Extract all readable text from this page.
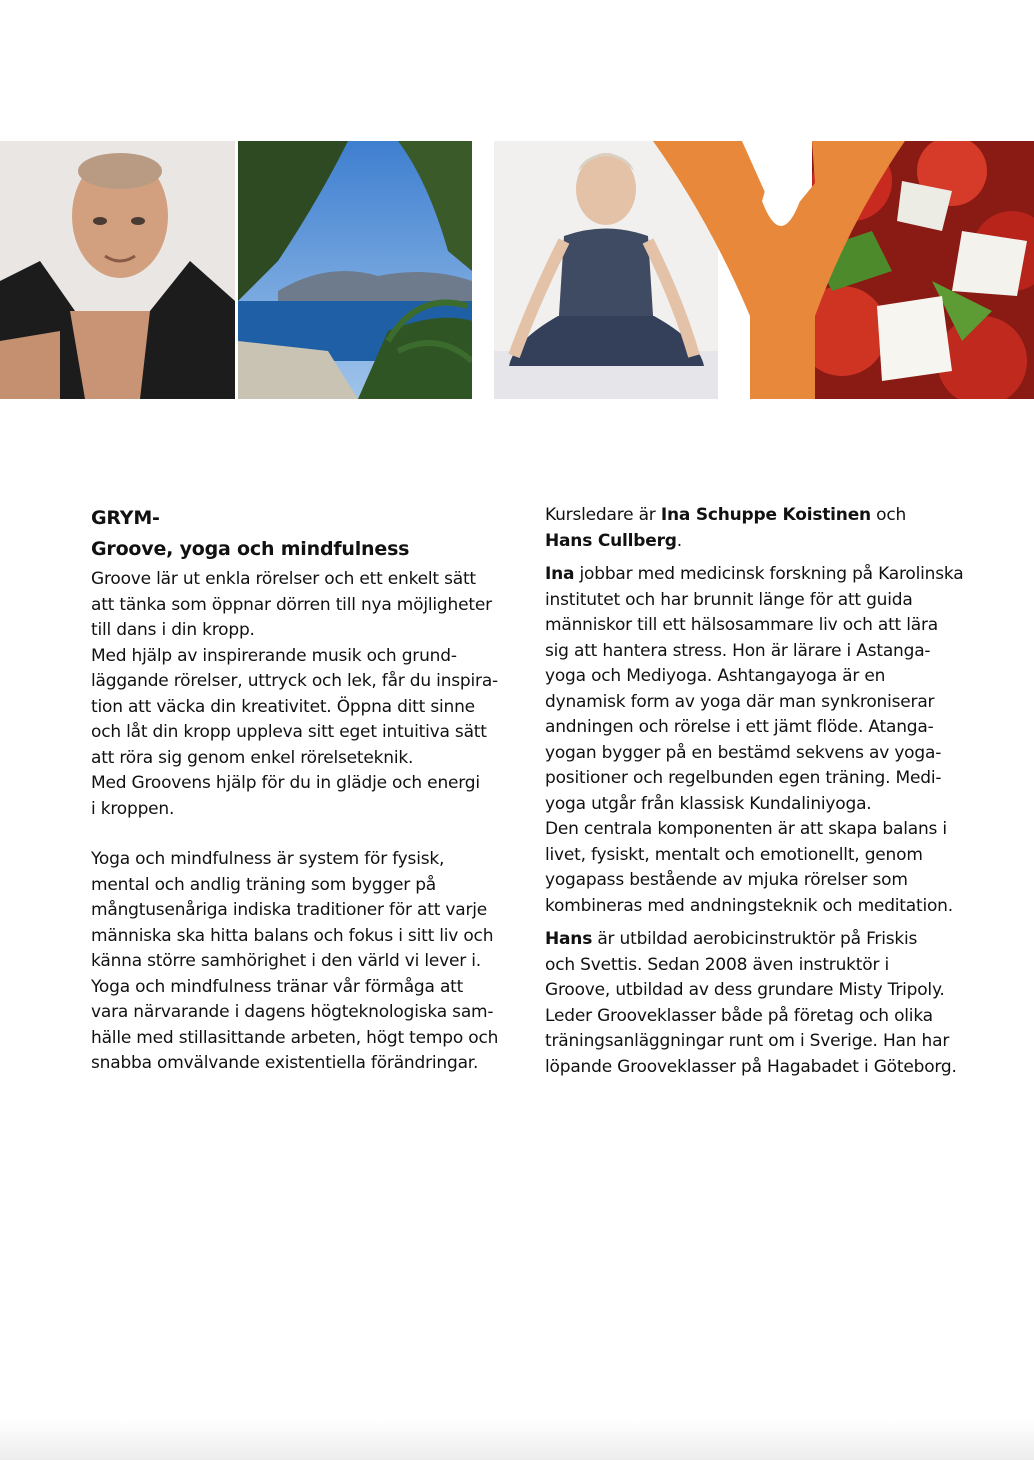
GRYM-
Groove, yoga och mindfulness

Groove lär ut enkla rörelser och ett enkelt sätt

att tänka som öppnar dörren till nya möjligheter

till dans i din kropp.

Med hjälp av inspirerande musik och grund-

läggande rörelser, uttryck och lek, får du inspira-

tion att väcka din kreativitet. Öppna ditt sinne

och låt din kropp uppleva sitt eget intuitiva sätt

att röra sig genom enkel rörelseteknik.

Med Groovens hjälp för du in glädje och energi

i kroppen.

Yoga och mindfulness är system för fysisk,

mental och andlig träning som bygger på

mångtusenåriga indiska traditioner för att varje

människa ska hitta balans och fokus i sitt liv och

känna större samhörighet i den värld vi lever i.

Yoga och mindfulness tränar vår förmåga att

vara närvarande i dagens högteknologiska sam-

hälle med stillasittande arbeten, högt tempo och

snabba omvälvande existentiella förändringar.

Kursledare är Ina Schuppe Koistinen och

Hans Cullberg.

Ina jobbar med medicinsk forskning på Karolinska

institutet och har brunnit länge för att guida

människor till ett hälsosammare liv och att lära

sig att hantera stress. Hon är lärare i Astanga-

yoga och Mediyoga. Ashtangayoga är en

dynamisk form av yoga där man synkroniserar

andningen och rörelse i ett jämt flöde. Atanga-

yogan bygger på en bestämd sekvens av yoga-

positioner och regelbunden egen träning. Medi-

yoga utgår från klassisk Kundaliniyoga.

Den centrala komponenten är att skapa balans i

livet, fysiskt, mentalt och emotionellt, genom

yogapass bestående av mjuka rörelser som

kombineras med andningsteknik och meditation.

Hans är utbildad aerobicinstruktör på Friskis

och Svettis. Sedan 2008 även instruktör i

Groove, utbildad av dess grundare Misty Tripoly.

Leder Grooveklasser både på företag och olika

träningsanläggningar runt om i Sverige. Han har

löpande Grooveklasser på Hagabadet i Göteborg.
